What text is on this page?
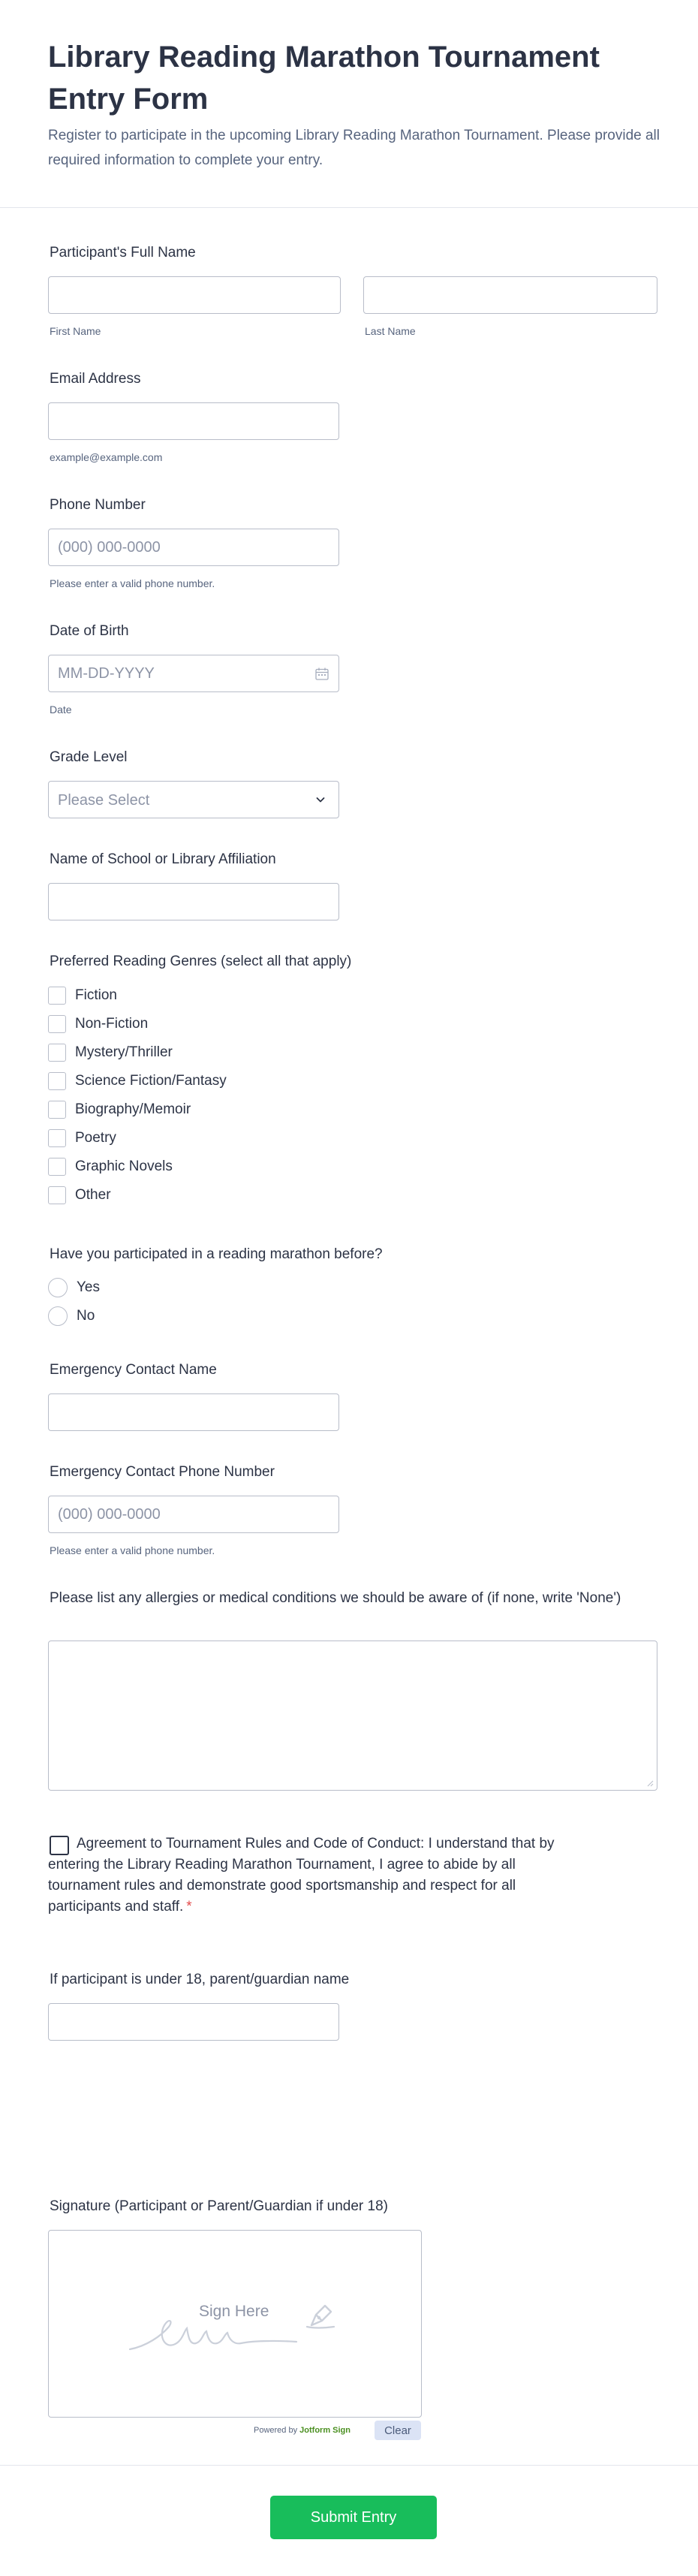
Library Reading Marathon Tournament Entry Form

Register to participate in the upcoming Library Reading Marathon Tournament. Please provide all required information to complete your entry.

Participant's Full Name
First Name	Last Name
Email Address
example@example.com
Phone Number
(000) 000-0000
Please enter a valid phone number.
Date of Birth
MM-DD-YYYY
Date
Grade Level
Please Select
Name of School or Library Affiliation
Preferred Reading Genres (select all that apply)
Fiction
Non-Fiction
Mystery/Thriller
Science Fiction/Fantasy
Biography/Memoir
Poetry
Graphic Novels
Other
Have you participated in a reading marathon before?
Yes
No
Emergency Contact Name
Emergency Contact Phone Number
(000) 000-0000
Please enter a valid phone number.
Please list any allergies or medical conditions we should be aware of (if none, write 'None')
Agreement to Tournament Rules and Code of Conduct: I understand that by entering the Library Reading Marathon Tournament, I agree to abide by all tournament rules and demonstrate good sportsmanship and respect for all participants and staff. *
If participant is under 18, parent/guardian name
Signature (Participant or Parent/Guardian if under 18)
Sign Here
Powered by Jotform Sign	Clear
Submit Entry
